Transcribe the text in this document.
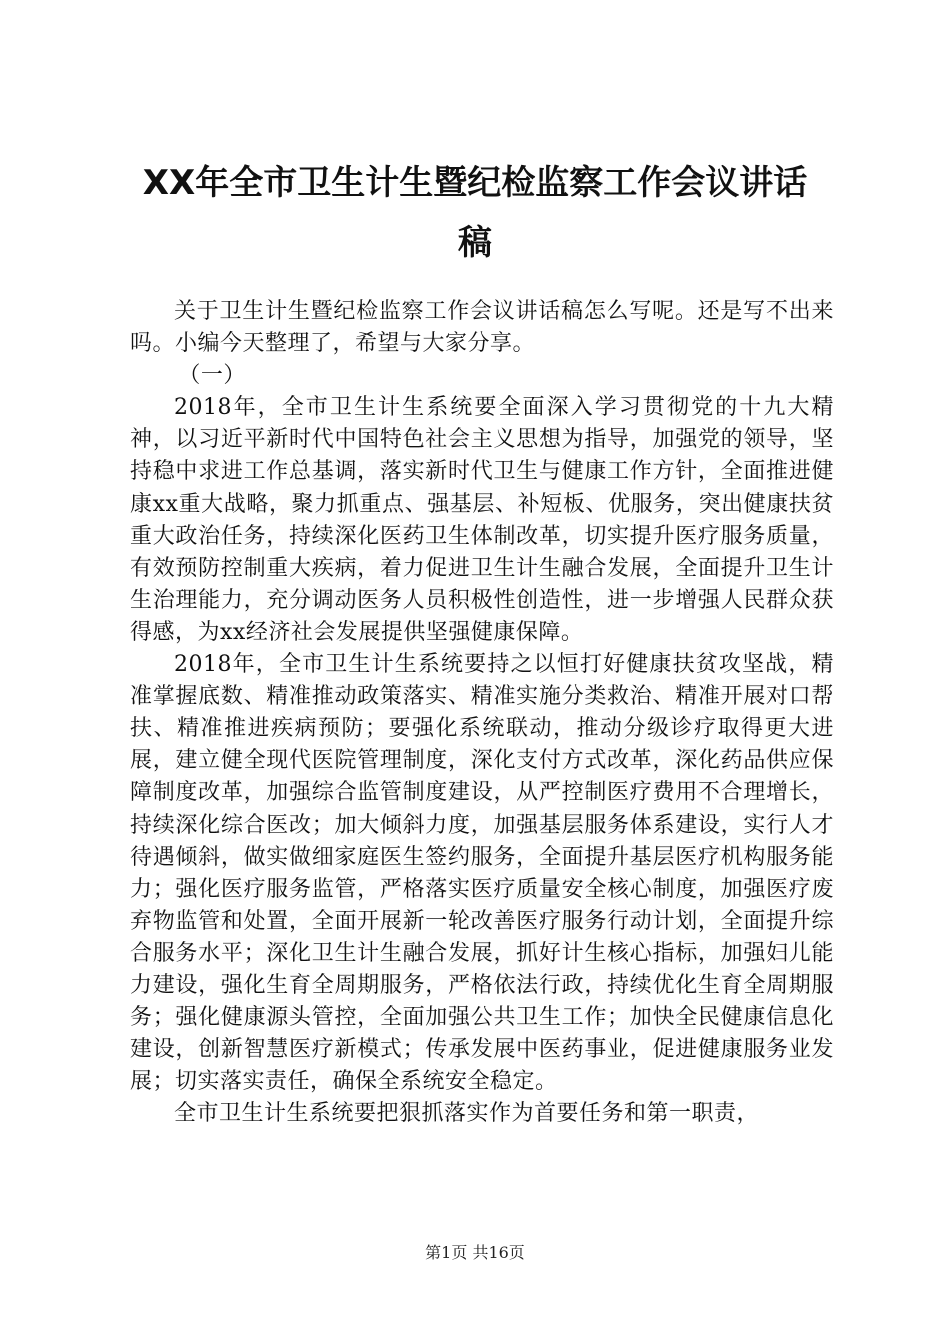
XX年全市卫生计生暨纪检监察工作会议讲话
稿

关于卫生计生暨纪检监察工作会议讲话稿怎么写呢。还是写不出来吗。小编今天整理了，希望与大家分享。

（一）

2018年，全市卫生计生系统要全面深入学习贯彻党的十九大精神，以习近平新时代中国特色社会主义思想为指导，加强党的领导，坚持稳中求进工作总基调，落实新时代卫生与健康工作方针，全面推进健康xx重大战略，聚力抓重点、强基层、补短板、优服务，突出健康扶贫重大政治任务，持续深化医药卫生体制改革，切实提升医疗服务质量，有效预防控制重大疾病，着力促进卫生计生融合发展，全面提升卫生计生治理能力，充分调动医务人员积极性创造性，进一步增强人民群众获得感，为xx经济社会发展提供坚强健康保障。

2018年，全市卫生计生系统要持之以恒打好健康扶贫攻坚战，精准掌握底数、精准推动政策落实、精准实施分类救治、精准开展对口帮扶、精准推进疾病预防；要强化系统联动，推动分级诊疗取得更大进展，建立健全现代医院管理制度，深化支付方式改革，深化药品供应保障制度改革，加强综合监管制度建设，从严控制医疗费用不合理增长，持续深化综合医改；加大倾斜力度，加强基层服务体系建设，实行人才待遇倾斜，做实做细家庭医生签约服务，全面提升基层医疗机构服务能力；强化医疗服务监管，严格落实医疗质量安全核心制度，加强医疗废弃物监管和处置，全面开展新一轮改善医疗服务行动计划，全面提升综合服务水平；深化卫生计生融合发展，抓好计生核心指标，加强妇儿能力建设，强化生育全周期服务，严格依法行政，持续优化生育全周期服务；强化健康源头管控，全面加强公共卫生工作；加快全民健康信息化建设，创新智慧医疗新模式；传承发展中医药事业，促进健康服务业发展；切实落实责任，确保全系统安全稳定。

全市卫生计生系统要把狠抓落实作为首要任务和第一职责，

第1页 共16页
